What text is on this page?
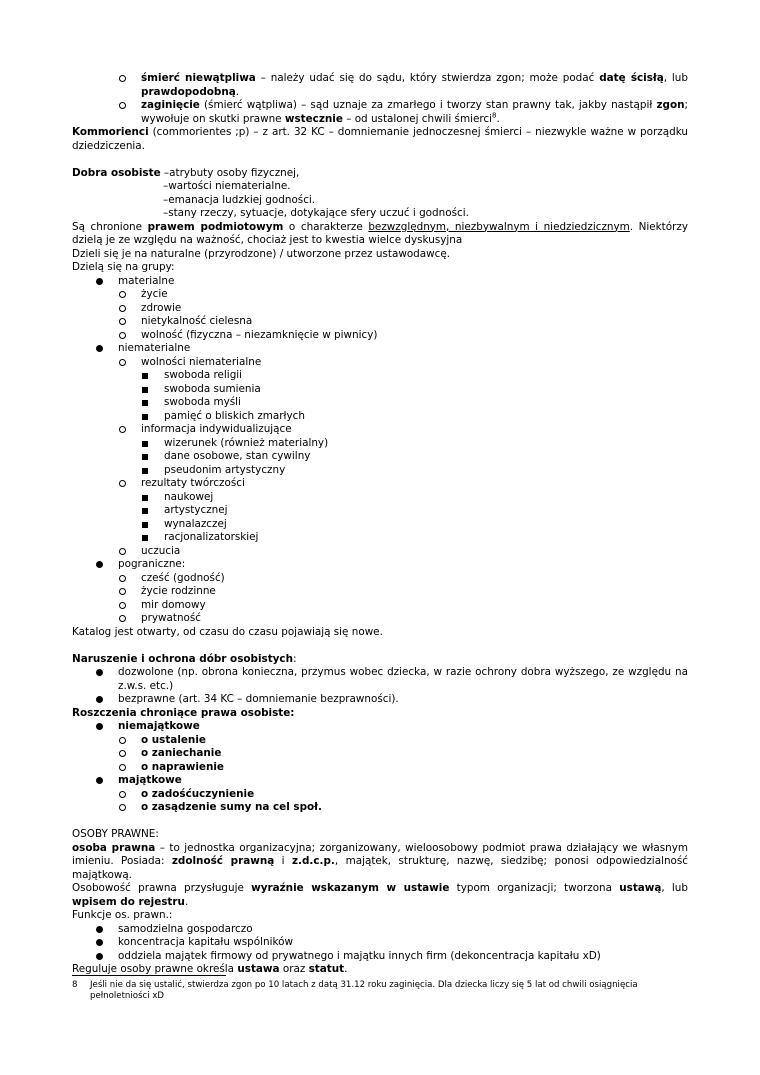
śmierć niewątpliwa – należy udać się do sądu, który stwierdza zgon; może podać datę ścisłą, lub prawdopodobną.
zaginięcie (śmierć wątpliwa) – sąd uznaje za zmarłego i tworzy stan prawny tak, jakby nastąpił zgon; wywołuje on skutki prawne wstecznie – od ustalonej chwili śmierci$^8$.

Kommorienci (commorientes ;p) – z art. 32 KC – domniemanie jednoczesnej śmierci – niezwykle ważne w porządku dziedziczenia.

Dobra osobiste –atrybuty osoby fizycznej,

–wartości niematerialne.

–emanacja ludzkiej godności.

–stany rzeczy, sytuacje, dotykające sfery uczuć i godności.

Są chronione prawem podmiotowym o charakterze bezwzględnym, niezbywalnym i niedziedzicznym. Niektórzy dzielą je ze względu na ważność, chociaż jest to kwestia wielce dyskusyjna

Dzieli się je na naturalne (przyrodzone) / utworzone przez ustawodawcę.

Dzielą się na grupy:

materialne
życie
zdrowie
nietykalność cielesna
wolność (fizyczna – niezamknięcie w piwnicy)
niematerialne
wolności niematerialne
swoboda religii
swoboda sumienia
swoboda myśli
pamięć o bliskich zmarłych
informacja indywidualizujące
wizerunek (również materialny)
dane osobowe, stan cywilny
pseudonim artystyczny
rezultaty twórczości
naukowej
artystycznej
wynalazczej
racjonalizatorskiej
uczucia
pograniczne:
cześć (godność)
życie rodzinne
mir domowy
prywatność

Katalog jest otwarty, od czasu do czasu pojawiają się nowe.

Naruszenie i ochrona dóbr osobistych:

dozwolone (np. obrona konieczna, przymus wobec dziecka, w razie ochrony dobra wyższego, ze względu na z.w.s. etc.)
bezprawne (art. 34 KC – domniemanie bezprawności).

Roszczenia chroniące prawa osobiste:

niemajątkowe
o ustalenie
o zaniechanie
o naprawienie
majątkowe
o zadośćuczynienie
o zasądzenie sumy na cel społ.

OSOBY PRAWNE:

osoba prawna – to jednostka organizacyjna; zorganizowany, wieloosobowy podmiot prawa działający we własnym imieniu. Posiada: zdolność prawną i z.d.c.p., majątek, strukturę, nazwę, siedzibę; ponosi odpowiedzialność majątkową.

Osobowość prawna przysługuje wyraźnie wskazanym w ustawie typom organizacji; tworzona ustawą, lub wpisem do rejestru.

Funkcje os. prawn.:

samodzielna gospodarczo
koncentracja kapitału wspólników
oddziela majątek firmowy od prywatnego i majątku innych firm (dekoncentracja kapitału xD)

Reguluje osoby prawne określa ustawa oraz statut.

8	Jeśli nie da się ustalić, stwierdza zgon po 10 latach z datą 31.12 roku zaginięcia. Dla dziecka liczy się 5 lat od chwili osiągnięcia pełnoletniości xD
